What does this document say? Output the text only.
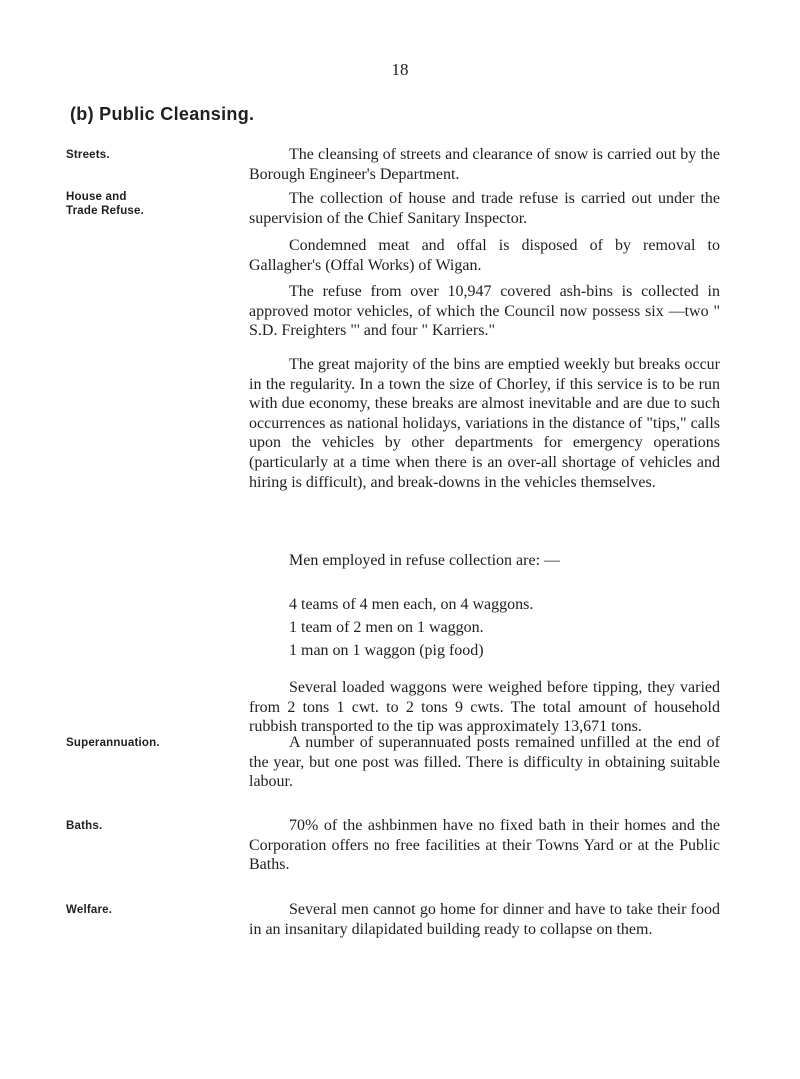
18
(b) Public Cleansing.
Streets.
House and
Trade Refuse.
Superannuation.
Baths.
Welfare.

The cleansing of streets and clearance of snow is carried out by the Borough Engineer's Department.

The collection of house and trade refuse is carried out under the supervision of the Chief Sanitary Inspector.

Condemned meat and offal is disposed of by removal to Gallagher's (Offal Works) of Wigan.

The refuse from over 10,947 covered ash-bins is collected in approved motor vehicles, of which the Council now possess six —two " S.D. Freighters "' and four " Karriers."

The great majority of the bins are emptied weekly but breaks occur in the regularity. In a town the size of Chorley, if this service is to be run with due economy, these breaks are almost inevitable and are due to such occurrences as national holidays, variations in the distance of "tips," calls upon the vehicles by other departments for emergency operations (particularly at a time when there is an over-all shortage of vehicles and hiring is difficult), and break-downs in the vehicles themselves.

Men employed in refuse collection are: —

4 teams of 4 men each, on 4 waggons.
1 team of 2 men on 1 waggon.
1 man on 1 waggon (pig food)

Several loaded waggons were weighed before tipping, they varied from 2 tons 1 cwt. to 2 tons 9 cwts. The total amount of household rubbish transported to the tip was approximately 13,671 tons.

A number of superannuated posts remained unfilled at the end of the year, but one post was filled. There is difficulty in obtaining suitable labour.

70% of the ashbinmen have no fixed bath in their homes and the Corporation offers no free facilities at their Towns Yard or at the Public Baths.

Several men cannot go home for dinner and have to take their food in an insanitary dilapidated building ready to collapse on them.
